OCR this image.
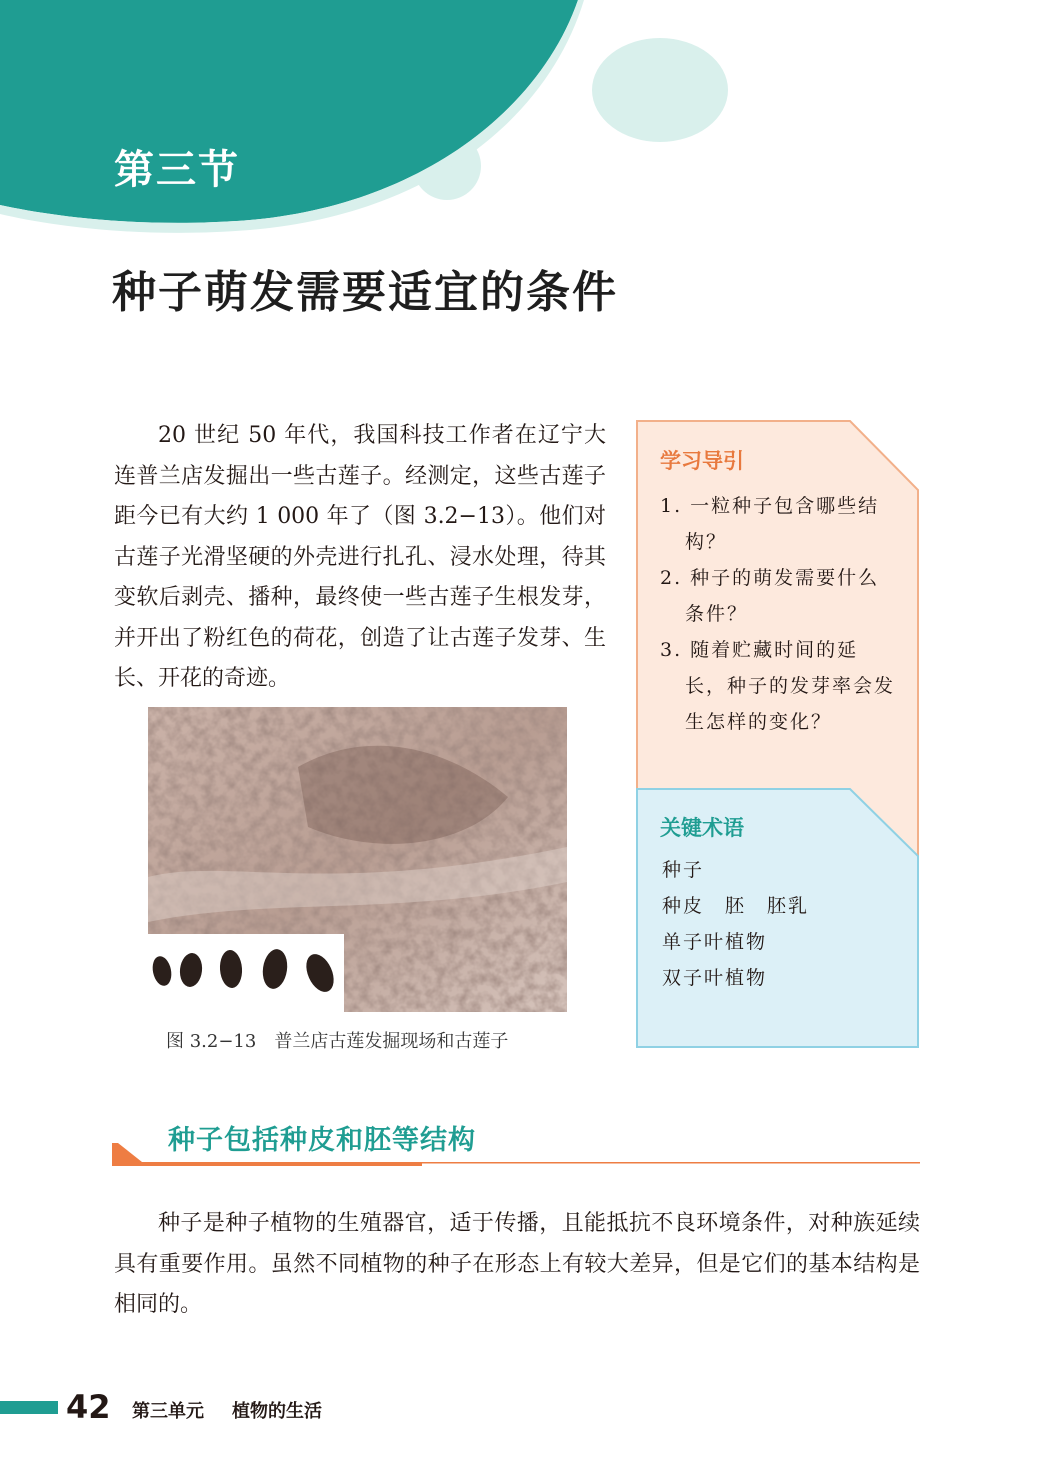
第三节
种子萌发需要适宜的条件

20 世纪 50 年代，我国科技工作者在辽宁大连普兰店发掘出一些古莲子。经测定，这些古莲子距今已有大约 1 000 年了（图 3.2−13）。他们对古莲子光滑坚硬的外壳进行扎孔、浸水处理，待其变软后剥壳、播种，最终使一些古莲子生根发芽，并开出了粉红色的荷花，创造了让古莲子发芽、生长、开花的奇迹。

图 3.2−13 普兰店古莲发掘现场和古莲子
学习导引
1. 一粒种子包含哪些结构？
2. 种子的萌发需要什么条件？
3. 随着贮藏时间的延长，种子的发芽率会发生怎样的变化？
关键术语
种子
种皮　胚　胚乳
单子叶植物
双子叶植物
种子包括种皮和胚等结构

种子是种子植物的生殖器官，适于传播，且能抵抗不良环境条件，对种族延续具有重要作用。虽然不同植物的种子在形态上有较大差异，但是它们的基本结构是相同的。

42 第三单元 植物的生活
